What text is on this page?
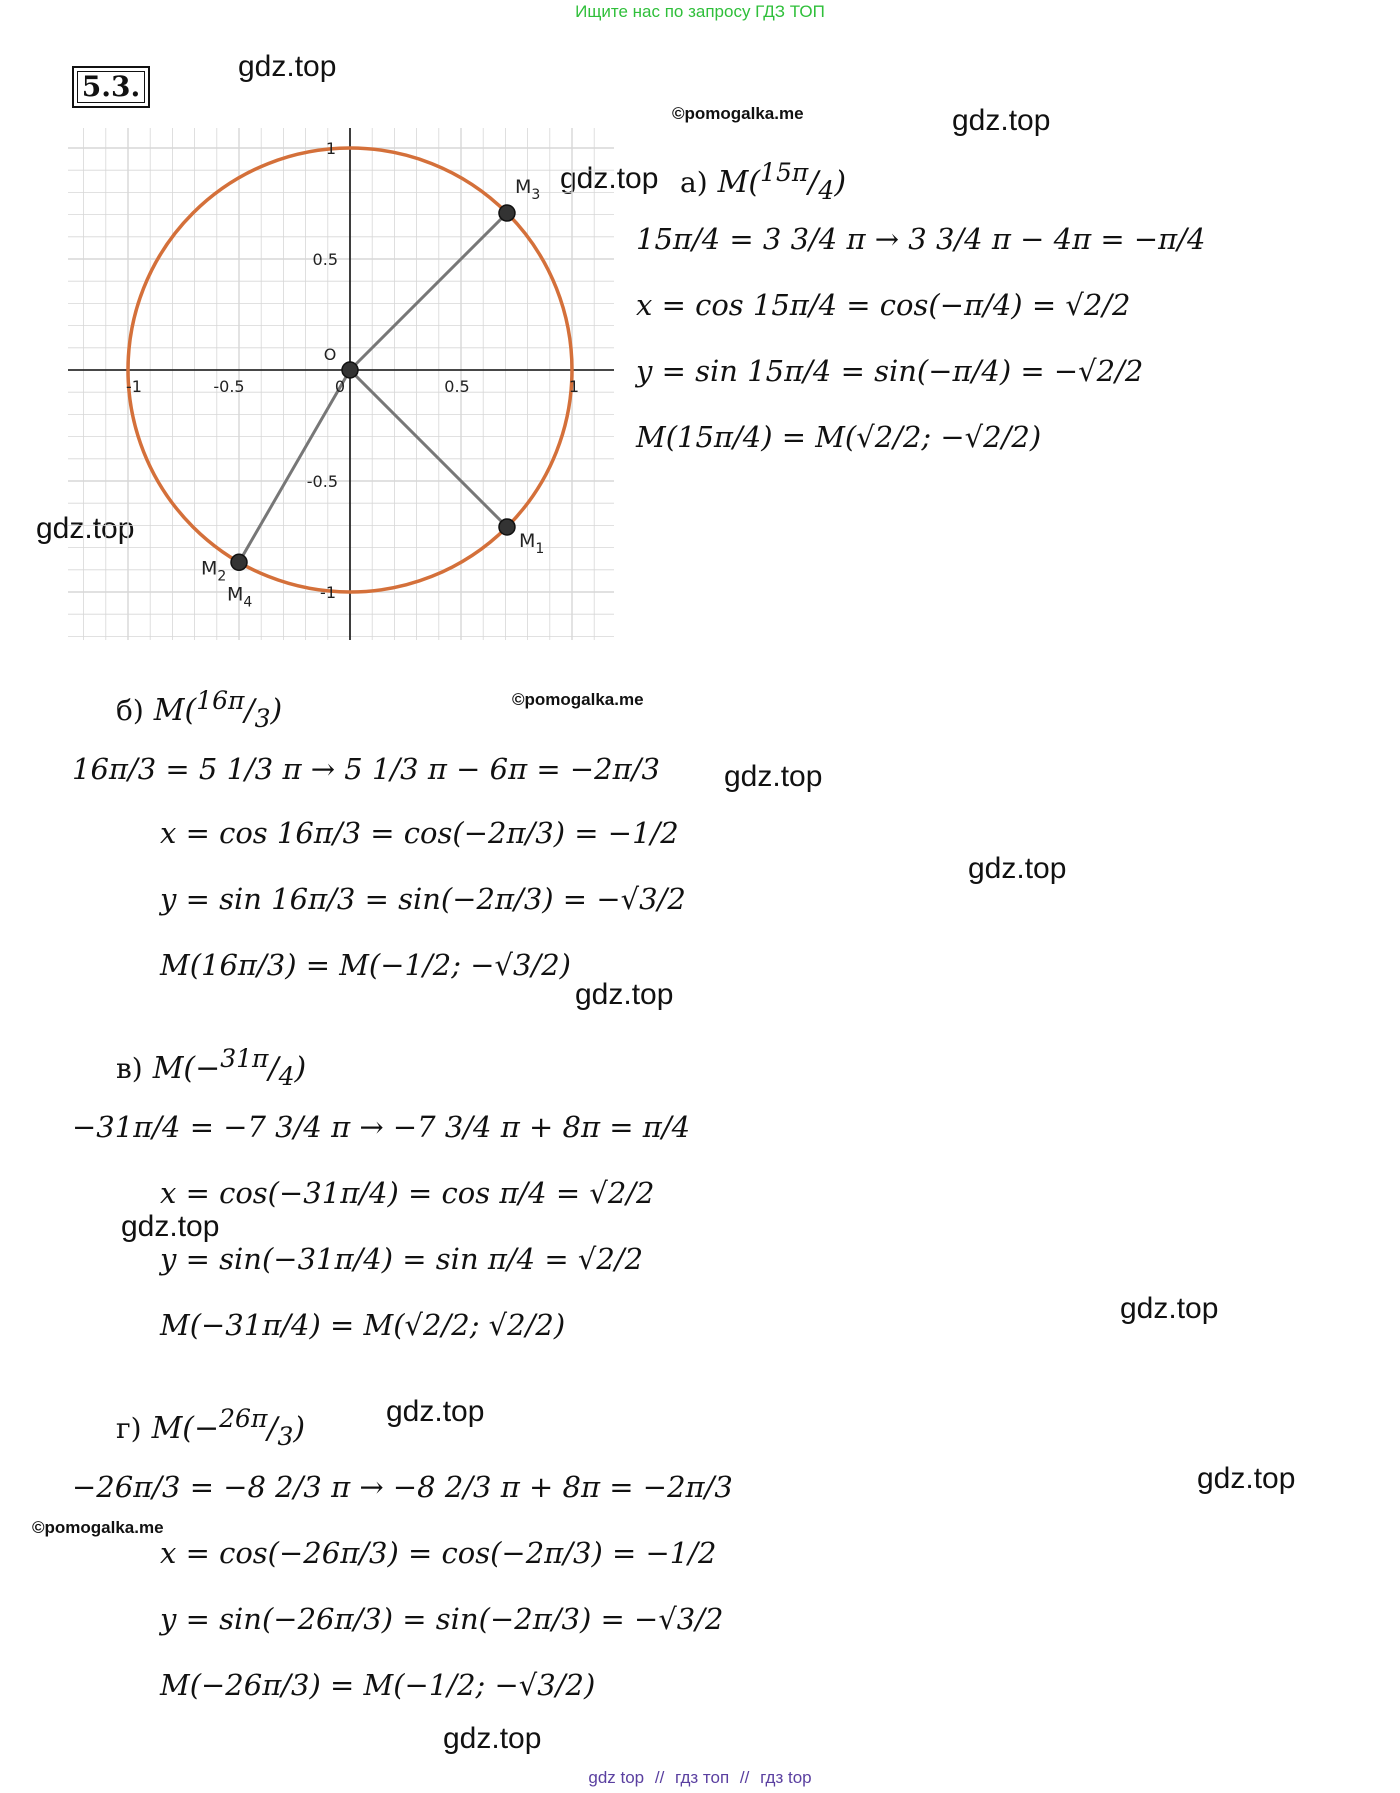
Ищите нас по запросу ГДЗ ТОП
gdz top // гдз топ // гдз top
5.3.
gdz.top
gdz.top
gdz.top
gdz.top
gdz.top
gdz.top
gdz.top
gdz.top
gdz.top
gdz.top
gdz.top
gdz.top
©pomogalka.me
©pomogalka.me
©pomogalka.me
-1	-0.5	0	0.5	1
1
0.5
-0.5
-1
O
$M_3$
$M_1$
$M_2$
$M_4$
а) $M(^{15\pi}/_4)$
15π/4 = 3 3/4 π → 3 3/4 π − 4π = −π/4
x = cos 15π/4 = cos(−π/4) = √2/2
y = sin 15π/4 = sin(−π/4) = −√2/2
M(15π/4) = M(√2/2; −√2/2)
б) $M(^{16\pi}/_3)$
16π/3 = 5 1/3 π → 5 1/3 π − 6π = −2π/3
x = cos 16π/3 = cos(−2π/3) = −1/2
y = sin 16π/3 = sin(−2π/3) = −√3/2
M(16π/3) = M(−1/2; −√3/2)
в) $M(-^{31\pi}/_4)$
−31π/4 = −7 3/4 π → −7 3/4 π + 8π = π/4
x = cos(−31π/4) = cos π/4 = √2/2
y = sin(−31π/4) = sin π/4 = √2/2
M(−31π/4) = M(√2/2; √2/2)
г) $M(-^{26\pi}/_3)$
−26π/3 = −8 2/3 π → −8 2/3 π + 8π = −2π/3
x = cos(−26π/3) = cos(−2π/3) = −1/2
y = sin(−26π/3) = sin(−2π/3) = −√3/2
M(−26π/3) = M(−1/2; −√3/2)
